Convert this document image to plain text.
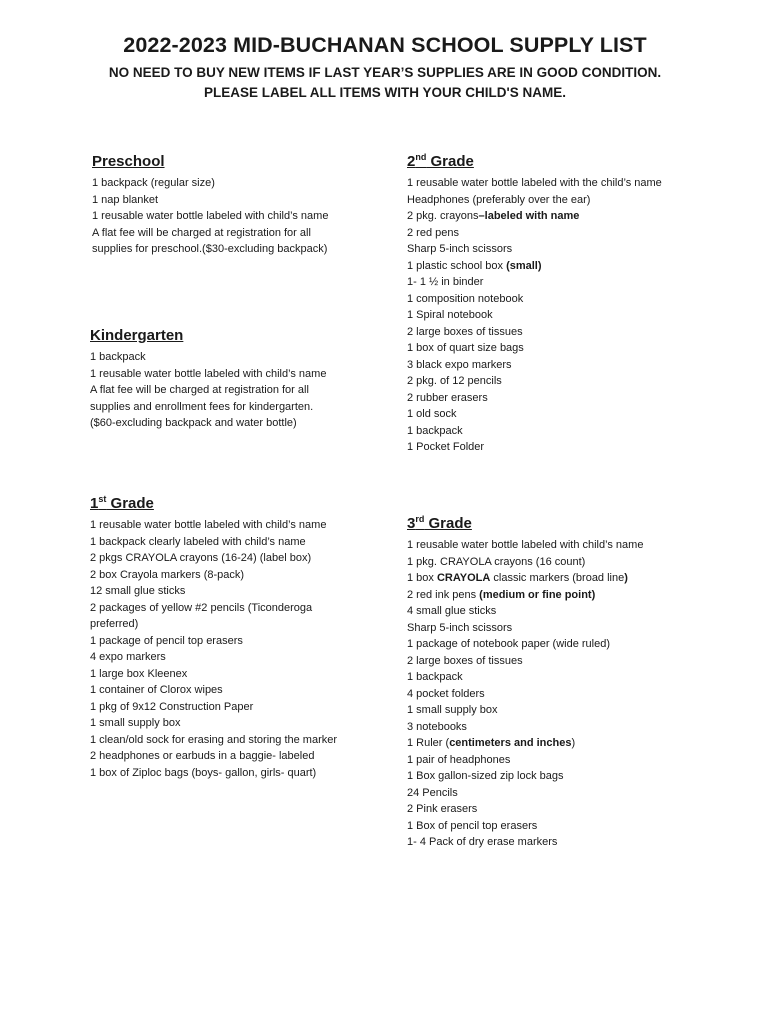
2022-2023 MID-BUCHANAN SCHOOL SUPPLY LIST
NO NEED TO BUY NEW ITEMS IF LAST YEAR’S SUPPLIES ARE IN GOOD CONDITION.
PLEASE LABEL ALL ITEMS WITH YOUR CHILD'S NAME.
Preschool
1 backpack (regular size)
1 nap blanket
1 reusable water bottle labeled with child’s name
A flat fee will be charged at registration for all
supplies for preschool.($30-excluding backpack)
Kindergarten
1 backpack
1 reusable water bottle labeled with child’s name
A flat fee will be charged at registration for all
supplies and enrollment fees for kindergarten.
($60-excluding backpack and water bottle)
1st Grade
1 reusable water bottle labeled with child’s name
1 backpack clearly labeled with child’s name
2 pkgs CRAYOLA crayons (16-24) (label box)
2 box Crayola markers (8-pack)
12 small glue sticks
2 packages of yellow #2 pencils (Ticonderoga
preferred)
1 package of pencil top erasers
4 expo markers
1 large box Kleenex
1 container of Clorox wipes
1 pkg of 9x12 Construction Paper
1 small supply box
1 clean/old sock for erasing and storing the marker
2 headphones or earbuds in a baggie- labeled
1 box of Ziploc bags (boys- gallon, girls- quart)
2nd Grade
1 reusable water bottle labeled with the child’s name
Headphones (preferably over the ear)
2 pkg. crayons–labeled with name
2 red pens
Sharp 5-inch scissors
1 plastic school box (small)
1- 1 ½ in binder
1 composition notebook
1 Spiral notebook
2 large boxes of tissues
1 box of quart size bags
3 black expo markers
2 pkg. of 12 pencils
2 rubber erasers
1 old sock
1 backpack
1 Pocket Folder
3rd Grade
1 reusable water bottle labeled with child’s name
1 pkg. CRAYOLA crayons (16 count)
1 box CRAYOLA classic markers (broad line)
2 red ink pens (medium or fine point)
4 small glue sticks
Sharp 5-inch scissors
1 package of notebook paper (wide ruled)
2 large boxes of tissues
1 backpack
4 pocket folders
1 small supply box
3 notebooks
1 Ruler (centimeters and inches)
1 pair of headphones
1 Box gallon-sized zip lock bags
24 Pencils
2 Pink erasers
1 Box of pencil top erasers
1- 4 Pack of dry erase markers
